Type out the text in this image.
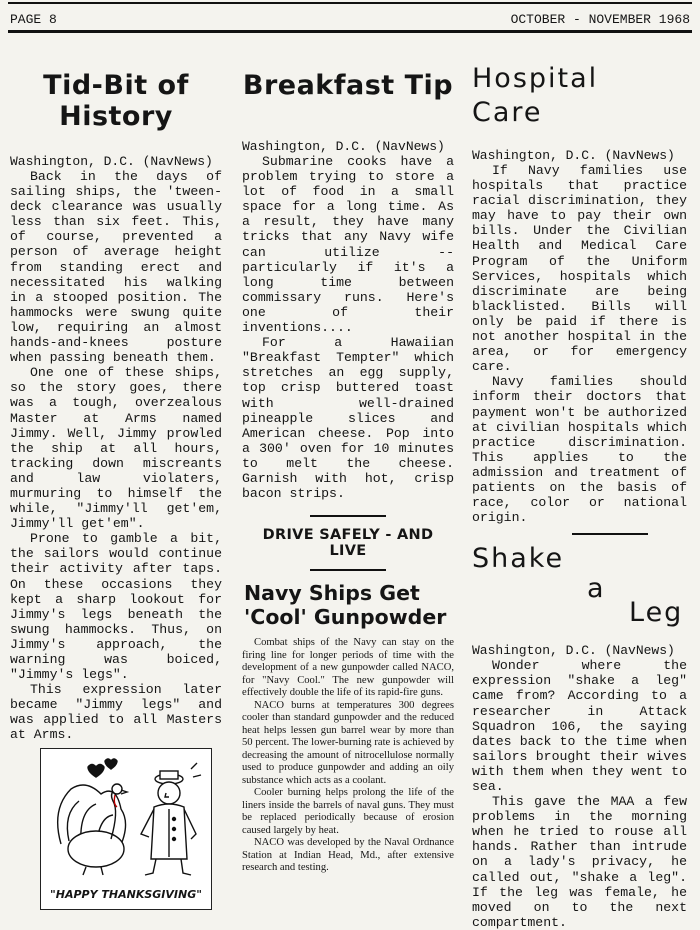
PAGE 8	OCTOBER - NOVEMBER 1968
Tid-Bit of History

Washington, D.C. (NavNews)

Back in the days of sailing ships, the 'tween-deck clearance was usually less than six feet. This, of course, prevented a person of average height from standing erect and necessitated his walking in a stooped position. The hammocks were swung quite low, requiring an almost hands-and-knees posture when passing beneath them.

One one of these ships, so the story goes, there was a tough, overzealous Master at Arms named Jimmy. Well, Jimmy prowled the ship at all hours, tracking down miscreants and law violaters, murmuring to himself the while, "Jimmy'll get'em, Jimmy'll get'em".

Prone to gamble a bit, the sailors would continue their activity after taps. On these occasions they kept a sharp lookout for Jimmy's legs beneath the swung hammocks. Thus, on Jimmy's approach, the warning was boiced, "Jimmy's legs".

This expression later became "Jimmy legs" and was applied to all Masters at Arms.

"HAPPY THANKSGIVING"
Breakfast Tip

Washington, D.C. (NavNews)

Submarine cooks have a problem trying to store a lot of food in a small space for a long time. As a result, they have many tricks that any Navy wife can utilize -- particularly if it's a long time between commissary runs. Here's one of their inventions....

For a Hawaiian "Breakfast Tempter" which stretches an egg supply, top crisp buttered toast with well-drained pineapple slices and American cheese. Pop into a 300' oven for 10 minutes to melt the cheese. Garnish with hot, crisp bacon strips.

DRIVE SAFELY - AND LIVE
Navy Ships Get 'Cool' Gunpowder

Combat ships of the Navy can stay on the firing line for longer periods of time with the development of a new gunpowder called NACO, for "Navy Cool." The new gunpowder will effectively double the life of its rapid-fire guns.

NACO burns at temperatures 300 degrees cooler than standard gunpowder and the reduced heat helps lessen gun barrel wear by more than 50 percent. The lower-burning rate is achieved by decreasing the amount of nitrocellulose normally used to produce gunpowder and adding an oily substance which acts as a coolant.

Cooler burning helps prolong the life of the liners inside the barrels of naval guns. They must be replaced periodically because of erosion caused largely by heat.

NACO was developed by the Naval Ordnance Station at Indian Head, Md., after extensive research and testing.

Hospital Care

Washington, D.C. (NavNews)

If Navy families use hospitals that practice racial discrimination, they may have to pay their own bills. Under the Civilian Health and Medical Care Program of the Uniform Services, hospitals which discriminate are being blacklisted. Bills will only be paid if there is not another hospital in the area, or for emergency care.

Navy families should inform their doctors that payment won't be authorized at civilian hospitals which practice discrimination. This applies to the admission and treatment of patients on the basis of race, color or national origin.

Shake
a
Leg

Washington, D.C. (NavNews)

Wonder where the expression "shake a leg" came from? According to a researcher in Attack Squadron 106, the saying dates back to the time when sailors brought their wives with them when they went to sea.

This gave the MAA a few problems in the morning when he tried to rouse all hands. Rather than intrude on a lady's privacy, he called out, "shake a leg". If the leg was female, he moved on to the next compartment.
